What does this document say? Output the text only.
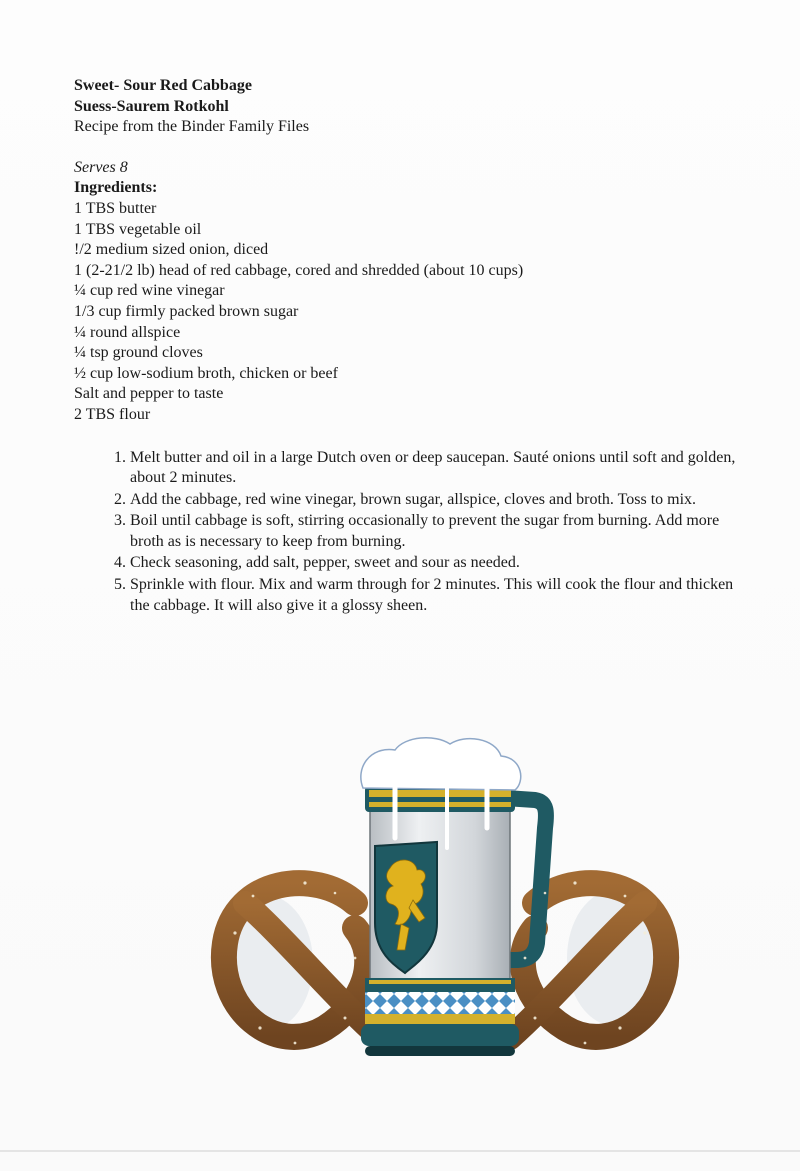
Sweet- Sour Red Cabbage
Suess-Saurem Rotkohl
Recipe from the Binder Family Files
Serves 8
Ingredients:
1 TBS butter
1 TBS vegetable oil
!/2 medium sized onion, diced
1 (2-21/2 lb) head of red cabbage, cored and shredded (about 10 cups)
¼ cup red wine vinegar
1/3 cup firmly packed brown sugar
¼ round allspice
¼ tsp ground cloves
½ cup low-sodium broth, chicken or beef
Salt and pepper to taste
2 TBS flour
1. Melt butter and oil in a large Dutch oven or deep saucepan. Sauté onions until soft and golden, about 2 minutes.
2. Add the cabbage, red wine vinegar, brown sugar, allspice, cloves and broth. Toss to mix.
3. Boil until cabbage is soft, stirring occasionally to prevent the sugar from burning. Add more broth as is necessary to keep from burning.
4. Check seasoning, add salt, pepper, sweet and sour as needed.
5. Sprinkle with flour. Mix and warm through for 2 minutes. This will cook the flour and thicken the cabbage. It will also give it a glossy sheen.
